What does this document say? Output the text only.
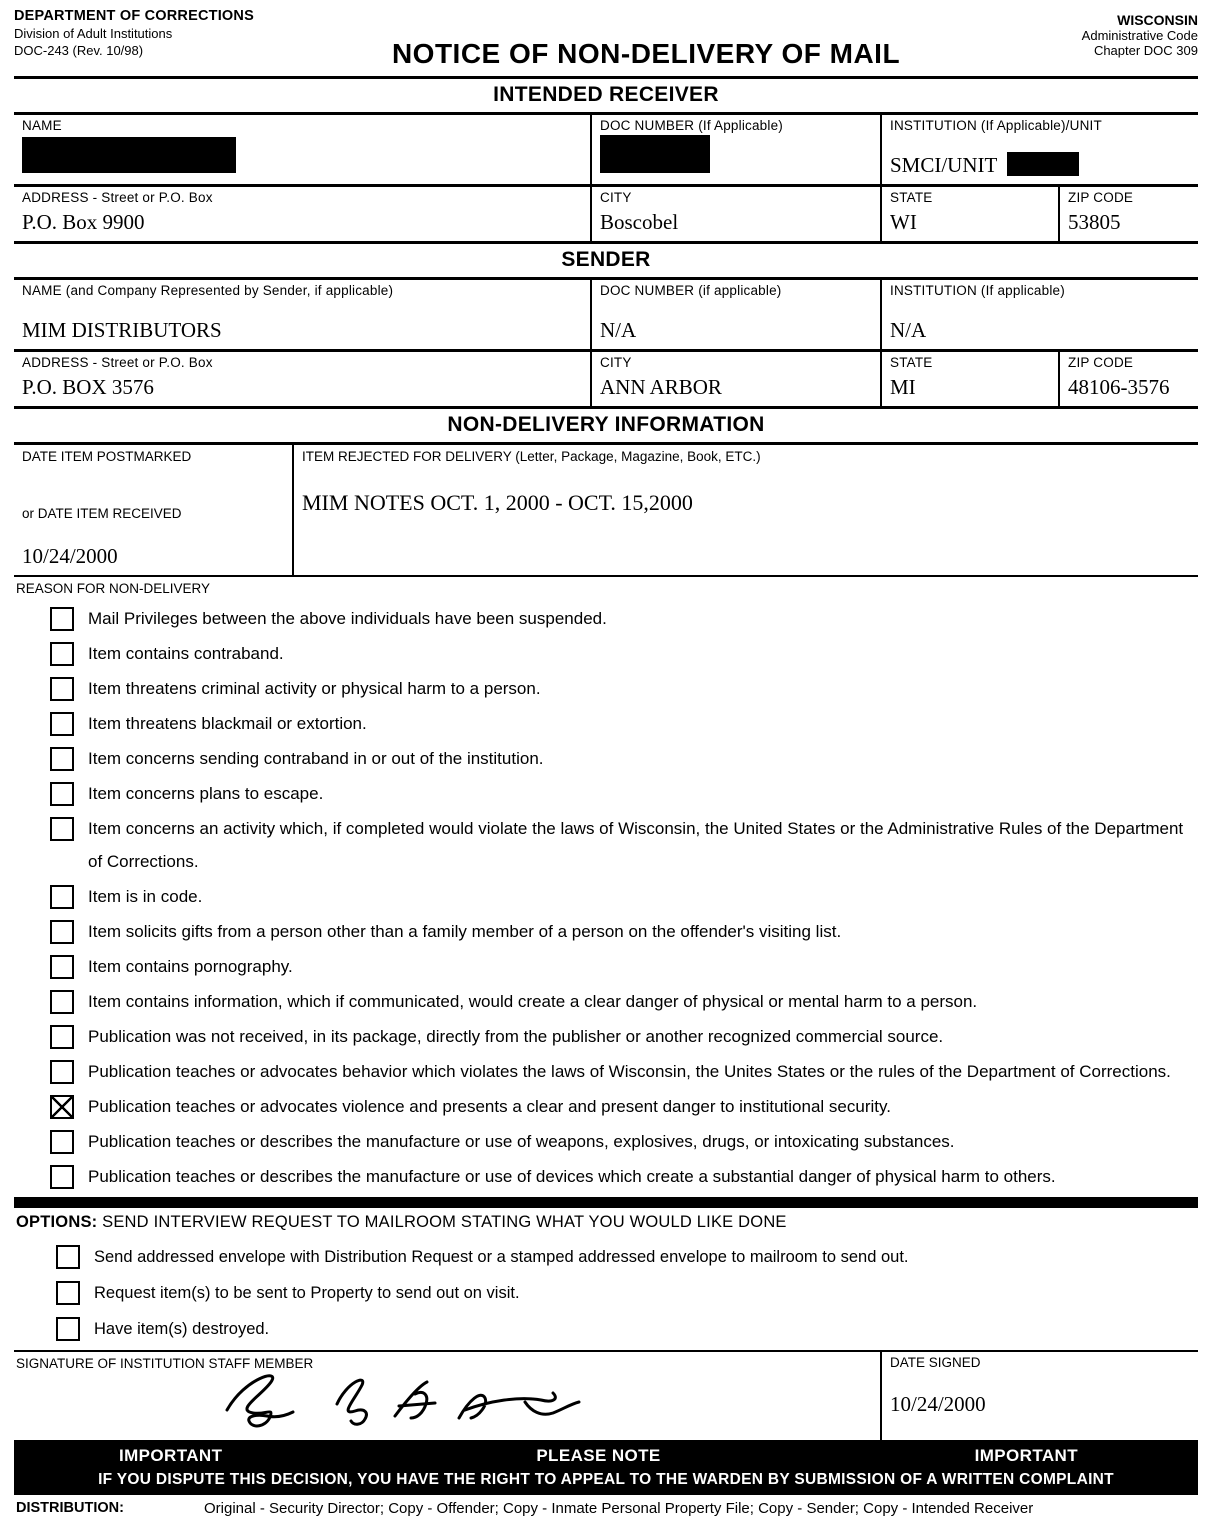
DEPARTMENT OF CORRECTIONS
Division of Adult Institutions
DOC-243 (Rev. 10/98)	NOTICE OF NON-DELIVERY OF MAIL
WISCONSIN
Administrative Code
Chapter DOC 309
INTENDED RECEIVER
NAME	DOC NUMBER (If Applicable)	INSTITUTION (If Applicable)/UNIT
SMCI/UNIT
ADDRESS - Street or P.O. Box
P.O. Box 9900
CITY
Boscobel
STATE
WI
ZIP CODE
53805
SENDER
NAME (and Company Represented by Sender, if applicable)
MIM DISTRIBUTORS
DOC NUMBER (if applicable)
N/A
INSTITUTION (If applicable)
N/A
ADDRESS - Street or P.O. Box
P.O. BOX 3576
CITY
ANN ARBOR
STATE
MI
ZIP CODE
48106-3576
NON-DELIVERY INFORMATION
DATE ITEM POSTMARKED
or DATE ITEM RECEIVED
10/24/2000
ITEM REJECTED FOR DELIVERY (Letter, Package, Magazine, Book, ETC.)
MIM NOTES OCT. 1, 2000 - OCT. 15,2000
REASON FOR NON-DELIVERY
Mail Privileges between the above individuals have been suspended.
Item contains contraband.
Item threatens criminal activity or physical harm to a person.
Item threatens blackmail or extortion.
Item concerns sending contraband in or out of the institution.
Item concerns plans to escape.
Item concerns an activity which, if completed would violate the laws of Wisconsin, the United States or the Administrative Rules of the Department of Corrections.
Item is in code.
Item solicits gifts from a person other than a family member of a person on the offender's visiting list.
Item contains pornography.
Item contains information, which if communicated, would create a clear danger of physical or mental harm to a person.
Publication was not received, in its package, directly from the publisher or another recognized commercial source.
Publication teaches or advocates behavior which violates the laws of Wisconsin, the Unites States or the rules of the Department of Corrections.
Publication teaches or advocates violence and presents a clear and present danger to institutional security.
Publication teaches or describes the manufacture or use of weapons, explosives, drugs, or intoxicating substances.
Publication teaches or describes the manufacture or use of devices which create a substantial danger of physical harm to others.
OPTIONS: SEND INTERVIEW REQUEST TO MAILROOM STATING WHAT YOU WOULD LIKE DONE
Send addressed envelope with Distribution Request or a stamped addressed envelope to mailroom to send out.
Request item(s) to be sent to Property to send out on visit.
Have item(s) destroyed.
SIGNATURE OF INSTITUTION STAFF MEMBER	DATE SIGNED
10/24/2000
IMPORTANT	PLEASE NOTE	IMPORTANT
IF YOU DISPUTE THIS DECISION, YOU HAVE THE RIGHT TO APPEAL TO THE WARDEN BY SUBMISSION OF A WRITTEN COMPLAINT
DISTRIBUTION:	Original - Security Director; Copy - Offender; Copy - Inmate Personal Property File; Copy - Sender; Copy - Intended Receiver
